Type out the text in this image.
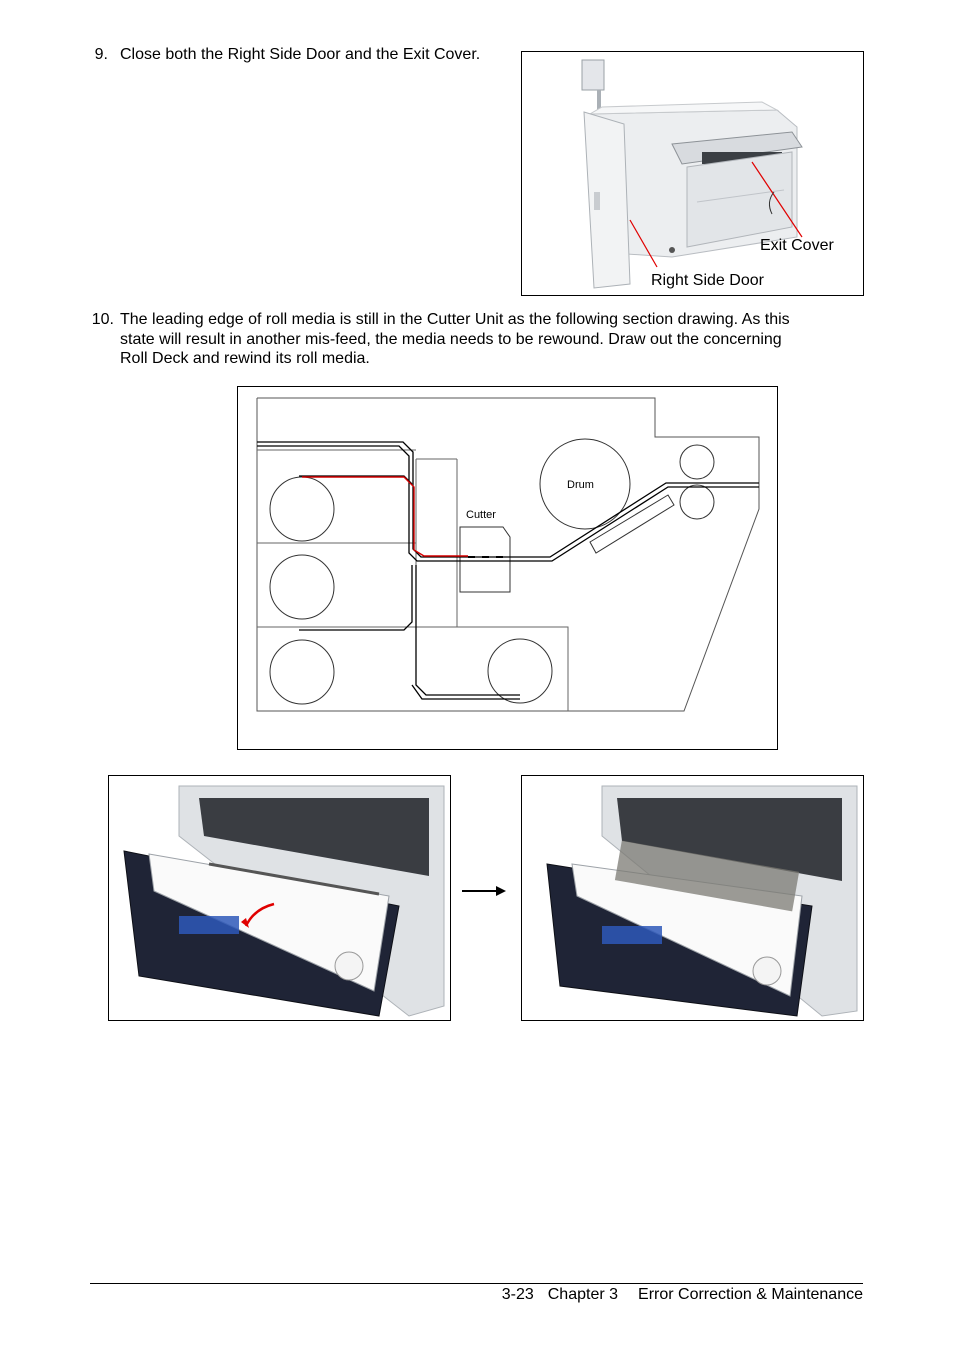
9. Close both the Right Side Door and the Exit Cover.
Exit Cover
Right Side Door
10. The leading edge of roll media is still in the Cutter Unit as the following section drawing. As this
state will result in another mis-feed, the media needs to be rewound. Draw out the concerning
Roll Deck and rewind its roll media.
Drum
Cutter
3-23 Chapter 3 Error Correction & Maintenance
